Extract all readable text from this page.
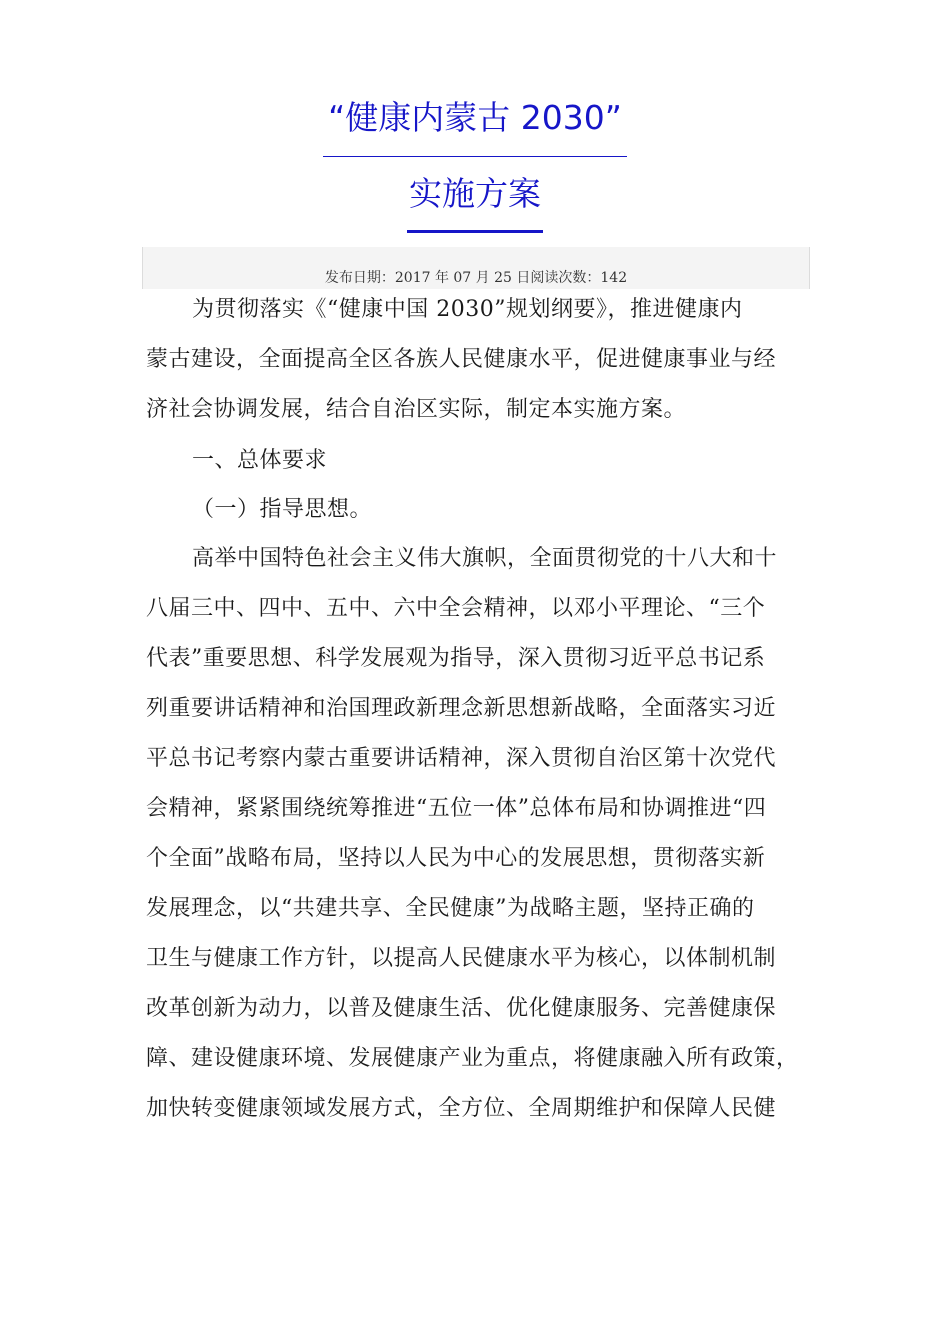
“健康内蒙古 2030”
实施方案
发布日期：2017 年 07 月 25 日阅读次数：142
为贯彻落实《“健康中国 2030”规划纲要》，推进健康内
蒙古建设，全面提高全区各族人民健康水平，促进健康事业与经
济社会协调发展，结合自治区实际，制定本实施方案。
一、总体要求
（一）指导思想。
高举中国特色社会主义伟大旗帜，全面贯彻党的十八大和十
八届三中、四中、五中、六中全会精神，以邓小平理论、“三个
代表”重要思想、科学发展观为指导，深入贯彻习近平总书记系
列重要讲话精神和治国理政新理念新思想新战略，全面落实习近
平总书记考察内蒙古重要讲话精神，深入贯彻自治区第十次党代
会精神，紧紧围绕统筹推进“五位一体”总体布局和协调推进“四
个全面”战略布局，坚持以人民为中心的发展思想，贯彻落实新
发展理念，以“共建共享、全民健康”为战略主题，坚持正确的
卫生与健康工作方针，以提高人民健康水平为核心，以体制机制
改革创新为动力，以普及健康生活、优化健康服务、完善健康保
障、建设健康环境、发展健康产业为重点，将健康融入所有政策，
加快转变健康领域发展方式，全方位、全周期维护和保障人民健
